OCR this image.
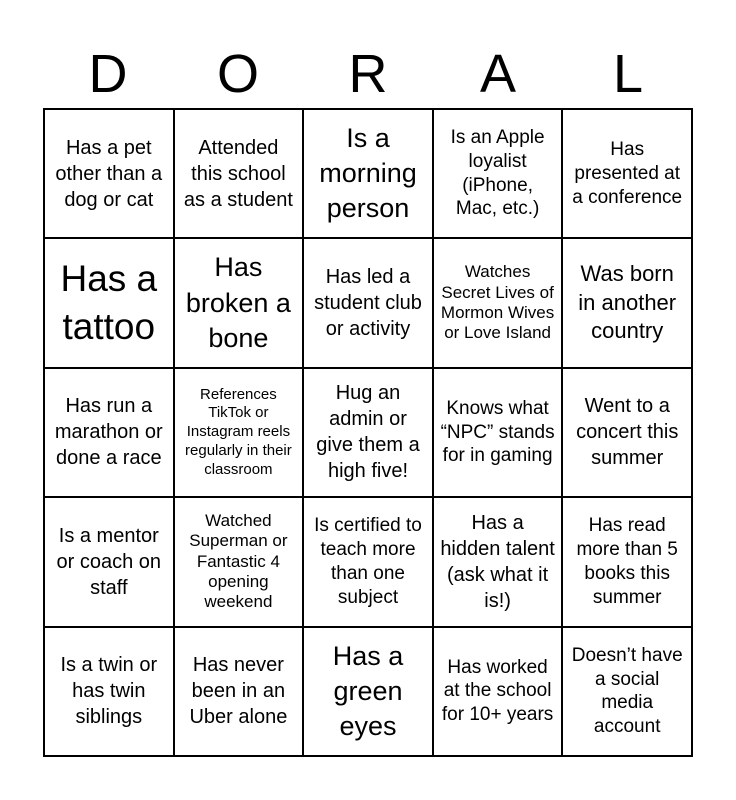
D	O	R	A	L
Has a pet other than a dog or cat
Attended this school as a student
Is a morning person
Is an Apple loyalist (iPhone, Mac, etc.)
Has presented at a conference
Has a tattoo
Has broken a bone
Has led a student club or activity
Watches Secret Lives of Mormon Wives or Love Island
Was born in another country
Has run a marathon or done a race
References TikTok or Instagram reels regularly in their classroom
Hug an admin or give them a high five!
Knows what “NPC” stands for in gaming
Went to a concert this summer
Is a mentor or coach on staff
Watched Superman or Fantastic 4 opening weekend
Is certified to teach more than one subject
Has a hidden talent (ask what it is!)
Has read more than 5 books this summer
Is a twin or has twin siblings
Has never been in an Uber alone
Has a green eyes
Has worked at the school for 10+ years
Doesn’t have a social media account
